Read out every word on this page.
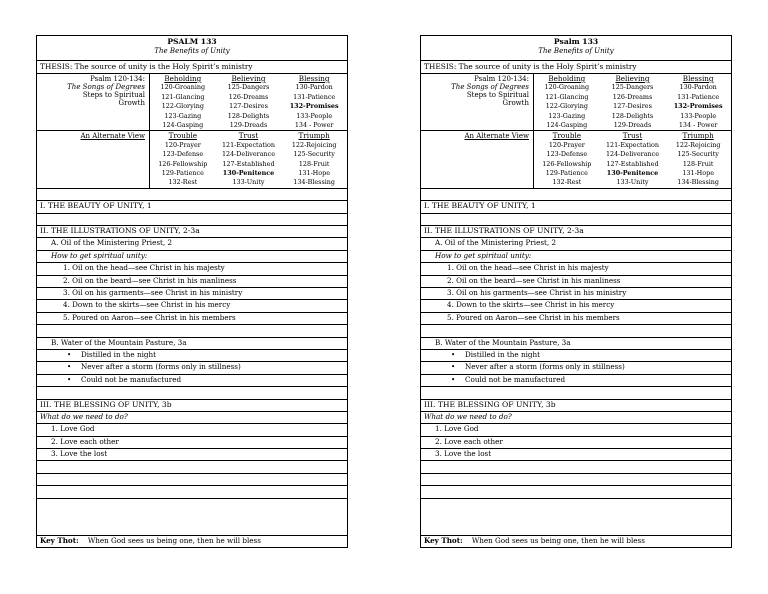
PSALM 133
The Benefits of Unity
THESIS: The source of unity is the Holy Spirit’s ministry
Psalm 120-134:
The Songs of Degrees
Steps to Spiritual
Growth
Beholding
120-Groaning
121-Glancing
122-Glorying
123-Gazing
124-Gasping
Believing
125-Dangers
126-Dreams
127-Desires
128-Delights
129-Dreads
Blessing
130-Pardon
131-Patience
132-Promises
133-People
134 - Power
An Alternate View	Trouble
120-Prayer
123-Defense
126-Fellowship
129-Patience
132-Rest
Trust
121-Expectation
124-Deliverance
127-Established
130-Penitence
133-Unity
Triumph
122-Rejoicing
125-Security
128-Fruit
131-Hope
134-Blessing
I. THE BEAUTY OF UNITY, 1
II. THE ILLUSTRATIONS OF UNITY, 2-3a
A. Oil of the Ministering Priest, 2
How to get spiritual unity:
1. Oil on the head—see Christ in his majesty
2. Oil on the beard—see Christ in his manliness
3. Oil on his garments—see Christ in his ministry
4. Down to the skirts—see Christ in his mercy
5. Poured on Aaron—see Christ in his members
B. Water of the Mountain Pasture, 3a
• Distilled in the night
• Never after a storm (forms only in stillness)
• Could not be manufactured
III. THE BLESSING OF UNITY, 3b
What do we need to do?
1. Love God
2. Love each other
3. Love the lost
Key Thot: When God sees us being one, then he will bless
Psalm 133
The Benefits of Unity
THESIS: The source of unity is the Holy Spirit’s ministry
Psalm 120-134:
The Songs of Degrees
Steps to Spiritual
Growth
Beholding
120-Groaning
121-Glancing
122-Glorying
123-Gazing
124-Gasping
Believing
125-Dangers
126-Dreams
127-Desires
128-Delights
129-Dreads
Blessing
130-Pardon
131-Patience
132-Promises
133-People
134 - Power
An Alternate View	Trouble
120-Prayer
123-Defense
126-Fellowship
129-Patience
132-Rest
Trust
121-Expectation
124-Deliverance
127-Established
130-Penitence
133-Unity
Triumph
122-Rejoicing
125-Security
128-Fruit
131-Hope
134-Blessing
I. THE BEAUTY OF UNITY, 1
II. THE ILLUSTRATIONS OF UNITY, 2-3a
A. Oil of the Ministering Priest, 2
How to get spiritual unity:
1. Oil on the head—see Christ in his majesty
2. Oil on the beard—see Christ in his manliness
3. Oil on his garments—see Christ in his ministry
4. Down to the skirts—see Christ in his mercy
5. Poured on Aaron—see Christ in his members
B. Water of the Mountain Pasture, 3a
• Distilled in the night
• Never after a storm (forms only in stillness)
• Could not be manufactured
III. THE BLESSING OF UNITY, 3b
What do we need to do?
1. Love God
2. Love each other
3. Love the lost
Key Thot: When God sees us being one, then he will bless
